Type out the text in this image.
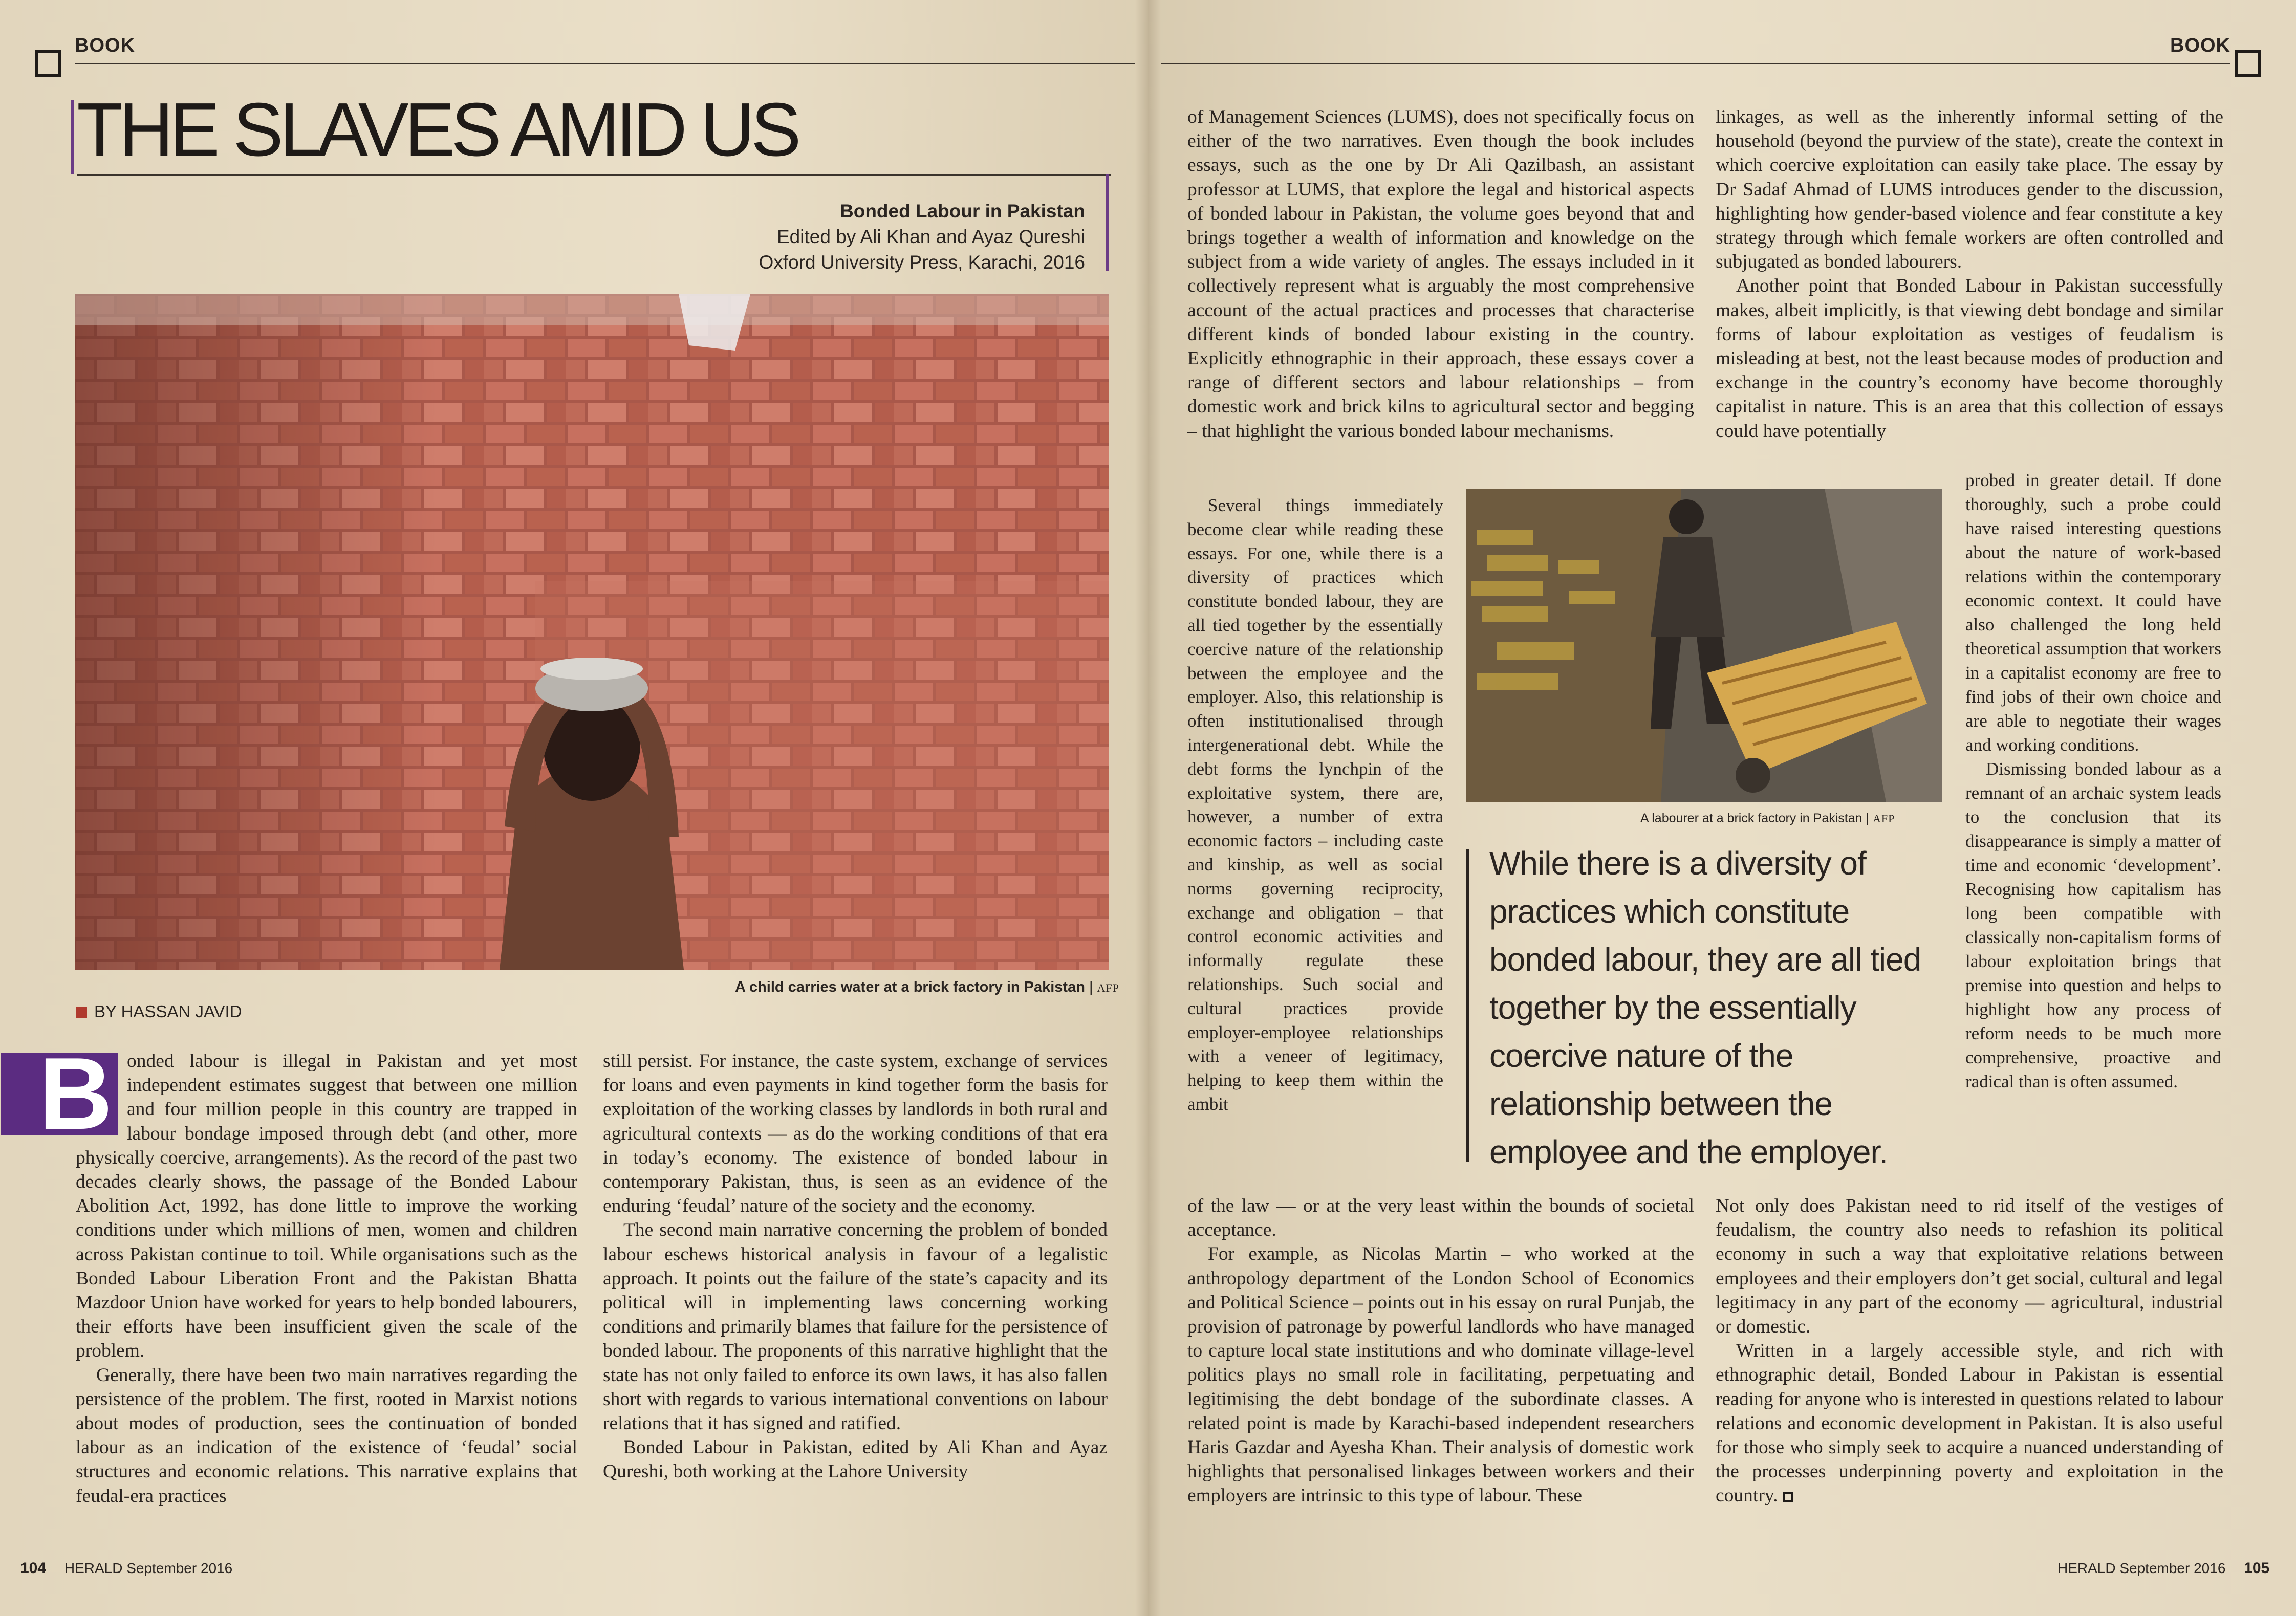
BOOK	BOOK
THE SLAVES AMID US
Bonded Labour in Pakistan
Edited by Ali Khan and Ayaz Qureshi
Oxford University Press, Karachi, 2016
A child carries water at a brick factory in Pakistan | AFP
BY HASSAN JAVID

B onded labour is illegal in Pakistan and yet most independent estimates suggest that between one million and four million people in this country are trapped in labour bondage imposed through debt (and other, more physically coercive, arrangements). As the record of the past two decades clearly shows, the passage of the Bonded Labour Abolition Act, 1992, has done little to improve the working conditions under which millions of men, women and children across Pakistan continue to toil. While organisations such as the Bonded Labour Liberation Front and the Pakistan Bhatta Mazdoor Union have worked for years to help bonded labourers, their efforts have been insufficient given the scale of the problem.

Generally, there have been two main narratives regarding the persistence of the problem. The first, rooted in Marxist notions about modes of production, sees the continuation of bonded labour as an indication of the existence of ‘feudal’ social structures and economic relations. This narrative explains that feudal-era practices

still persist. For instance, the caste system, exchange of services for loans and even payments in kind together form the basis for exploitation of the working classes by landlords in both rural and agricultural contexts — as do the working conditions of that era in today’s economy. The existence of bonded labour in contemporary Pakistan, thus, is seen as an evidence of the enduring ‘feudal’ nature of the society and the economy.

The second main narrative concerning the problem of bonded labour eschews historical analysis in favour of a legalistic approach. It points out the failure of the state’s capacity and its political will in implementing laws concerning working conditions and primarily blames that failure for the persistence of bonded labour. The proponents of this narrative highlight that the state has not only failed to enforce its own laws, it has also fallen short with regards to various international conventions on labour relations that it has signed and ratified.

Bonded Labour in Pakistan, edited by Ali Khan and Ayaz Qureshi, both working at the Lahore University

of Management Sciences (LUMS), does not specifically focus on either of the two narratives. Even though the book includes essays, such as the one by Dr Ali Qazilbash, an assistant professor at LUMS, that explore the legal and historical aspects of bonded labour in Pakistan, the volume goes beyond that and brings together a wealth of information and knowledge on the subject from a wide variety of angles. The essays included in it collectively represent what is arguably the most comprehensive account of the actual practices and processes that characterise different kinds of bonded labour existing in the country. Explicitly ethnographic in their approach, these essays cover a range of different sectors and labour relationships – from domestic work and brick kilns to agricultural sector and begging – that highlight the various bonded labour mechanisms.

Several things immediately become clear while reading these essays. For one, while there is a diversity of practices which constitute bonded labour, they are all tied together by the essentially coercive nature of the relationship between the employee and the employer. Also, this relationship is often institutionalised through intergenerational debt. While the debt forms the lynchpin of the exploitative system, there are, however, a number of extra economic factors – including caste and kinship, as well as social norms governing reciprocity, exchange and obligation – that control economic activities and informally regulate these relationships. Such social and cultural practices provide employer-employee relationships with a veneer of legitimacy, helping to keep them within the ambit

of the law — or at the very least within the bounds of societal acceptance.

For example, as Nicolas Martin – who worked at the anthropology department of the London School of Economics and Political Science – points out in his essay on rural Punjab, the provision of patronage by powerful landlords who have managed to capture local state institutions and who dominate village-level politics plays no small role in facilitating, perpetuating and legitimising the debt bondage of the subordinate classes. A related point is made by Karachi-based independent researchers Haris Gazdar and Ayesha Khan. Their analysis of domestic work highlights that personalised linkages between workers and their employers are intrinsic to this type of labour. These

linkages, as well as the inherently informal setting of the household (beyond the purview of the state), create the context in which coercive exploitation can easily take place. The essay by Dr Sadaf Ahmad of LUMS introduces gender to the discussion, highlighting how gender-based violence and fear constitute a key strategy through which female workers are often controlled and subjugated as bonded labourers.

Another point that Bonded Labour in Pakistan successfully makes, albeit implicitly, is that viewing debt bondage and similar forms of labour exploitation as vestiges of feudalism is misleading at best, not the least because modes of production and exchange in the country’s economy have become thoroughly capitalist in nature. This is an area that this collection of essays could have potentially

probed in greater detail. If done thoroughly, such a probe could have raised interesting questions about the nature of work-based relations within the contemporary economic context. It could have also challenged the long held theoretical assumption that workers in a capitalist economy are free to find jobs of their own choice and are able to negotiate their wages and working conditions.

Dismissing bonded labour as a remnant of an archaic system leads to the conclusion that its disappearance is simply a matter of time and economic ‘development’. Recognising how capitalism has long been compatible with classically non-capitalism forms of labour exploitation brings that premise into question and helps to highlight how any process of reform needs to be much more comprehensive, proactive and radical than is often assumed.

Not only does Pakistan need to rid itself of the vestiges of feudalism, the country also needs to refashion its political economy in such a way that exploitative relations between employees and their employers don’t get social, cultural and legal legitimacy in any part of the economy — agricultural, industrial or domestic.

Written in a largely accessible style, and rich with ethnographic detail, Bonded Labour in Pakistan is essential reading for anyone who is interested in questions related to labour relations and economic development in Pakistan. It is also useful for those who simply seek to acquire a nuanced understanding of the processes underpinning poverty and exploitation in the country.

A labourer at a brick factory in Pakistan | AFP
While there is a diversity of practices which constitute bonded labour, they are all tied together by the essentially coercive nature of the relationship between the employee and the employer.
104 HERALD September 2016	HERALD September 2016 105
